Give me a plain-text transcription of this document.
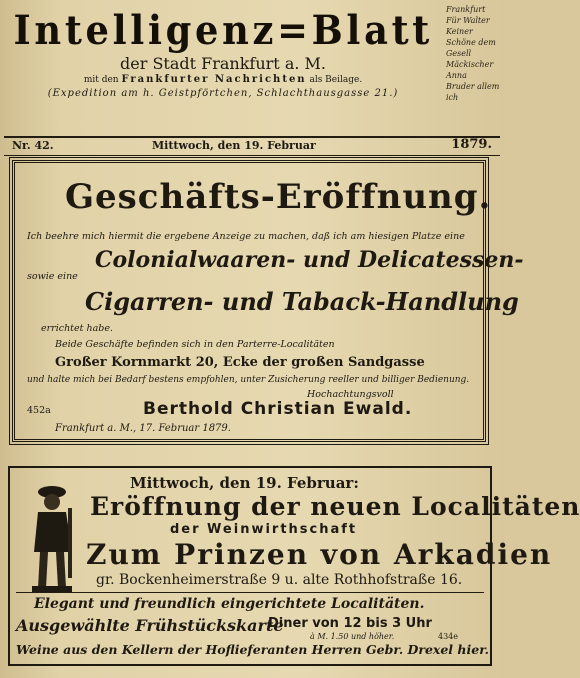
Frankfurt
Für Walter Keiner
Schöne dem Gesell
Mäckischer Anna
Bruder allem ich
Intelligenz=Blatt
der Stadt Frankfurt a. M.
mit den Frankfurter Nachrichten als Beilage.
(Expedition am h. Geistpförtchen, Schlachthausgasse 21.)
Nr. 42.	Mittwoch, den 19. Februar	1879.
Geschäfts-Eröffnung.
Ich beehre mich hiermit die ergebene Anzeige zu machen, daß ich am hiesigen Platze eine
Colonialwaaren- und Delicatessen-
sowie eine
Cigarren- und Taback-Handlung
errichtet habe.
Beide Geschäfte befinden sich in den Parterre-Localitäten
Großer Kornmarkt 20, Ecke der großen Sandgasse
und halte mich bei Bedarf bestens empfohlen, unter Zusicherung reeller und billiger Bedienung.
Hochachtungsvoll
452a	Berthold Christian Ewald.
Frankfurt a. M., 17. Februar 1879.
Mittwoch, den 19. Februar:
Eröffnung der neuen Localitäten
der Weinwirthschaft
Zum Prinzen von Arkadien
gr. Bockenheimerstraße 9 u. alte Rothhofstraße 16.
Elegant und freundlich eingerichtete Localitäten.
Ausgewählte Frühstückskarte
Diner von 12 bis 3 Uhr
à M. 1.50 und höher.	434e
Weine aus den Kellern der Hoflieferanten Herren Gebr. Drexel hier.
